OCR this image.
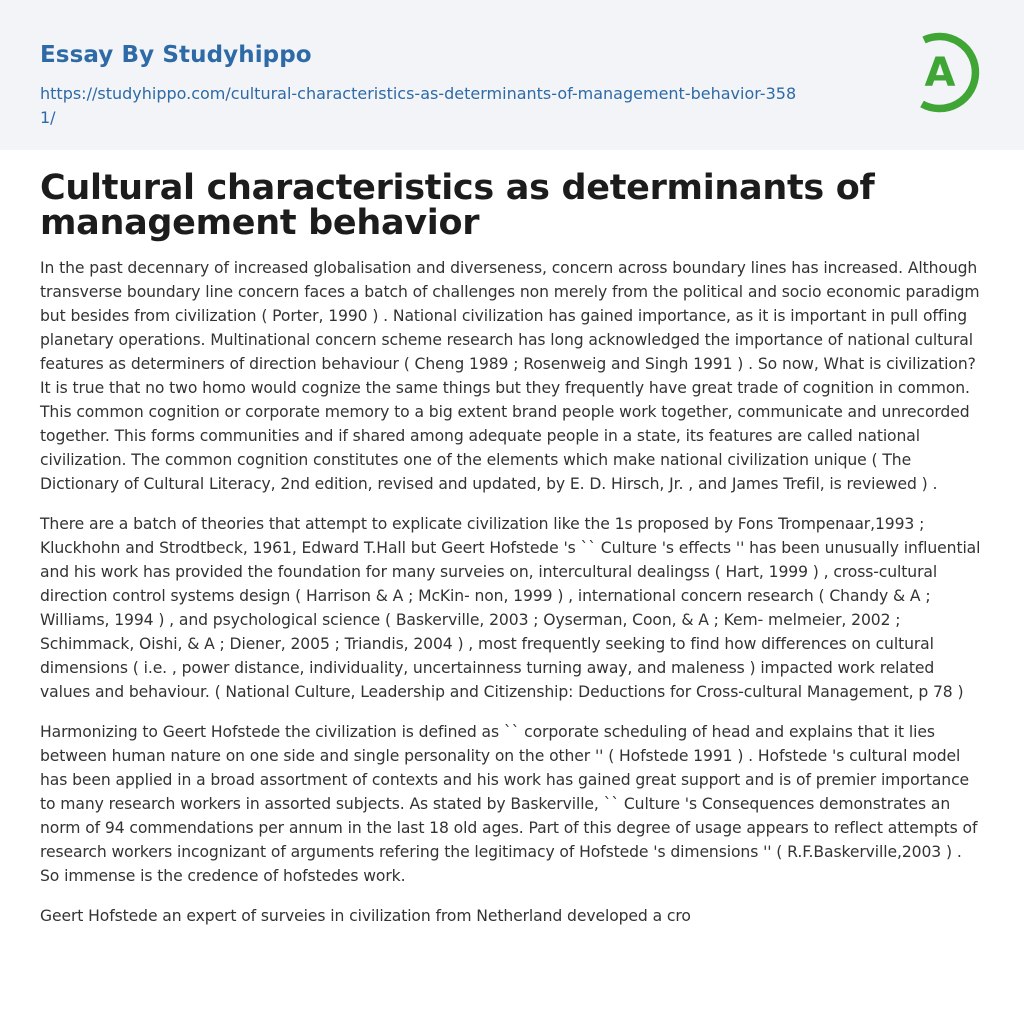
Essay By Studyhippo
https://studyhippo.com/cultural-characteristics-as-determinants-of-management-behavior-3581/
A
Cultural characteristics as determinants of management behavior

In the past decennary of increased globalisation and diverseness, concern across boundary lines has increased. Although transverse boundary line concern faces a batch of challenges non merely from the political and socio economic paradigm but besides from civilization ( Porter, 1990 ) . National civilization has gained importance, as it is important in pull offing planetary operations. Multinational concern scheme research has long acknowledged the importance of national cultural features as determiners of direction behaviour ( Cheng 1989 ; Rosenweig and Singh 1991 ) . So now, What is civilization? It is true that no two homo would cognize the same things but they frequently have great trade of cognition in common. This common cognition or corporate memory to a big extent brand people work together, communicate and unrecorded together. This forms communities and if shared among adequate people in a state, its features are called national civilization. The common cognition constitutes one of the elements which make national civilization unique ( The Dictionary of Cultural Literacy, 2nd edition, revised and updated, by E. D. Hirsch, Jr. , and James Trefil, is reviewed ) .

There are a batch of theories that attempt to explicate civilization like the 1s proposed by Fons Trompenaar,1993 ; Kluckhohn and Strodtbeck, 1961, Edward T.Hall but Geert Hofstede 's `` Culture 's effects '' has been unusually influential and his work has provided the foundation for many surveies on, intercultural dealingss ( Hart, 1999 ) , cross-cultural direction control systems design ( Harrison & A ; McKin- non, 1999 ) , international concern research ( Chandy & A ; Williams, 1994 ) , and psychological science ( Baskerville, 2003 ; Oyserman, Coon, & A ; Kem- melmeier, 2002 ; Schimmack, Oishi, & A ; Diener, 2005 ; Triandis, 2004 ) , most frequently seeking to find how differences on cultural dimensions ( i.e. , power distance, individuality, uncertainness turning away, and maleness ) impacted work related values and behaviour. ( National Culture, Leadership and Citizenship: Deductions for Cross-cultural Management, p 78 )

Harmonizing to Geert Hofstede the civilization is defined as `` corporate scheduling of head and explains that it lies between human nature on one side and single personality on the other '' ( Hofstede 1991 ) . Hofstede 's cultural model has been applied in a broad assortment of contexts and his work has gained great support and is of premier importance to many research workers in assorted subjects. As stated by Baskerville, `` Culture 's Consequences demonstrates an norm of 94 commendations per annum in the last 18 old ages. Part of this degree of usage appears to reflect attempts of research workers incognizant of arguments refering the legitimacy of Hofstede 's dimensions '' ( R.F.Baskerville,2003 ) . So immense is the credence of hofstedes work.

Geert Hofstede an expert of surveies in civilization from Netherland developed a cro
